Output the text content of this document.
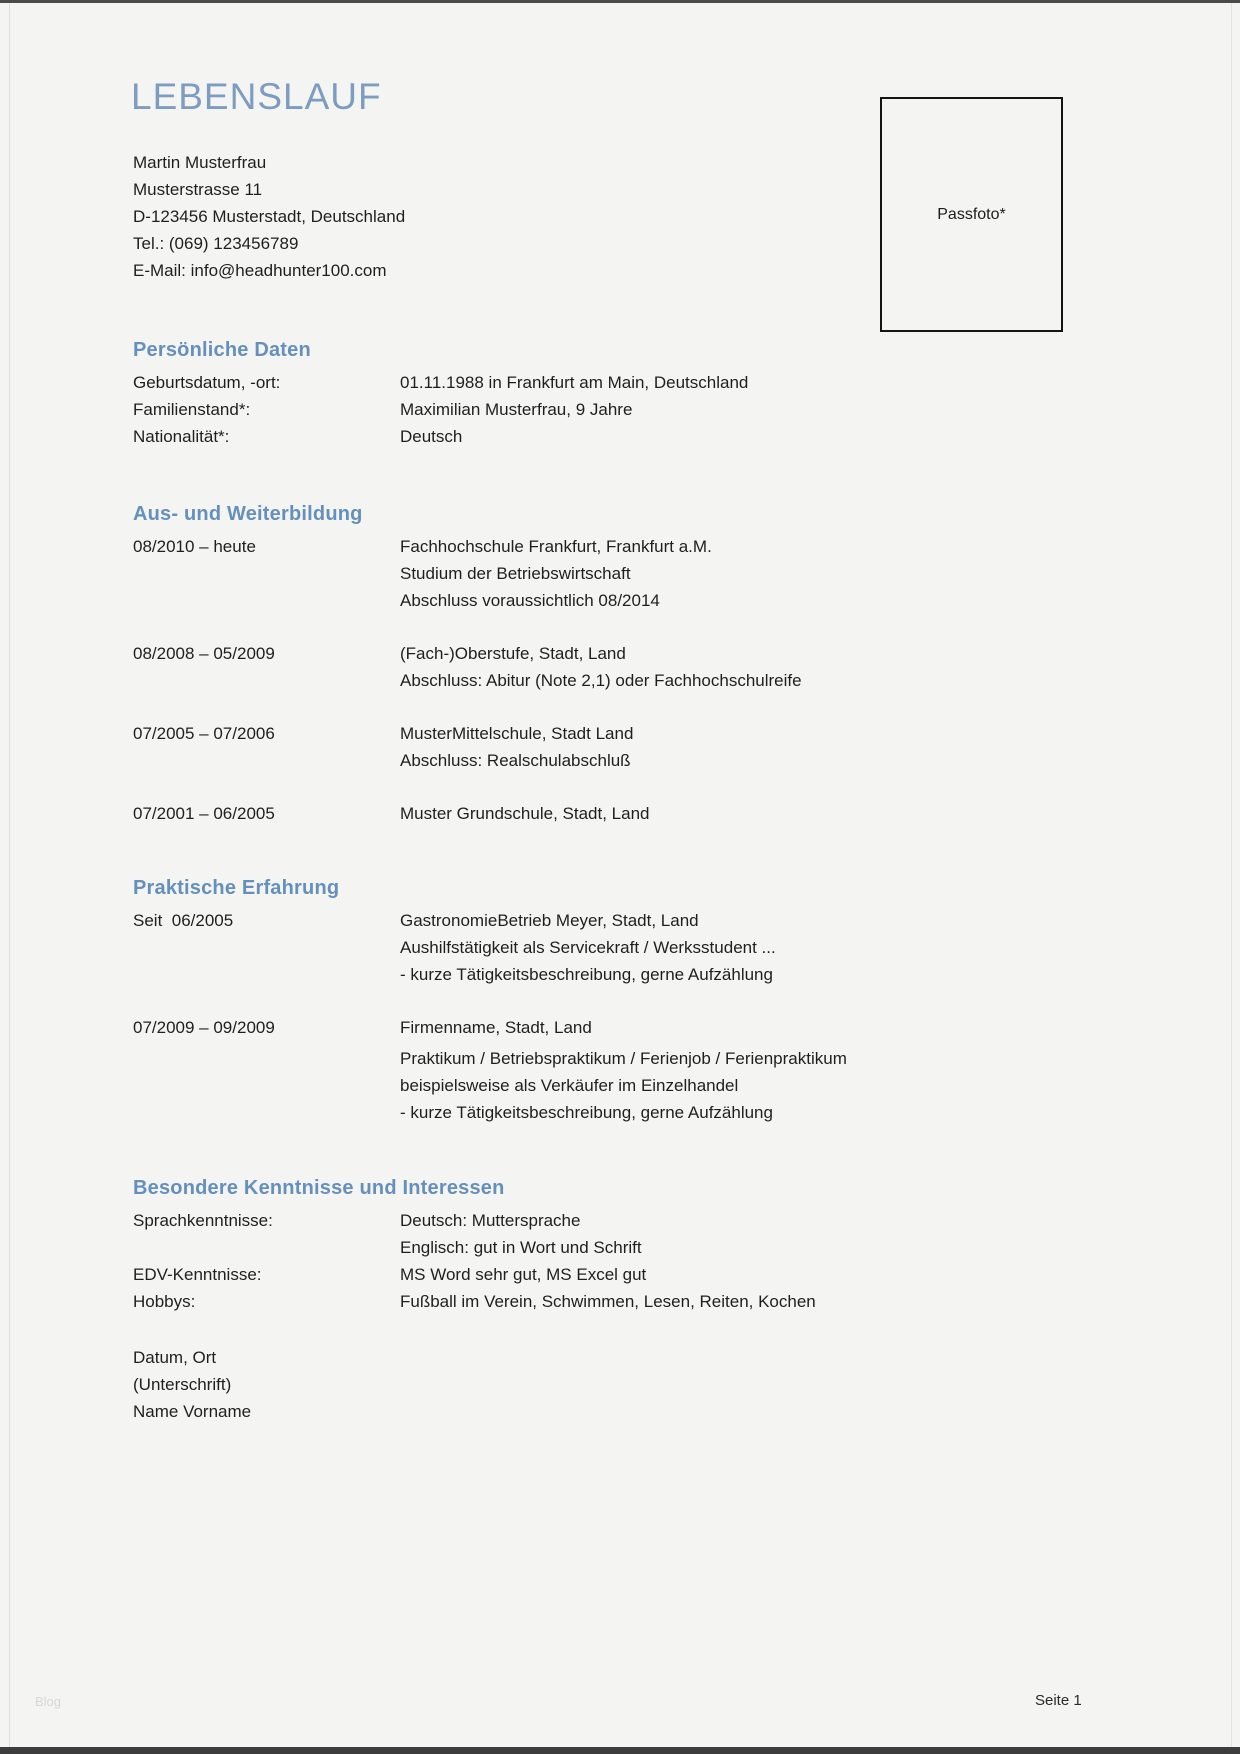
LEBENSLAUF
Martin Musterfrau
Musterstrasse 11
D-123456 Musterstadt, Deutschland
Tel.: (069) 123456789
E-Mail: info@headhunter100.com
Passfoto*
Persönliche Daten
Geburtsdatum, -ort:	01.11.1988 in Frankfurt am Main, Deutschland
Familienstand*:	Maximilian Musterfrau, 9 Jahre
Nationalität*:	Deutsch
Aus- und Weiterbildung
08/2010 – heute	Fachhochschule Frankfurt, Frankfurt a.M.
Studium der Betriebswirtschaft
Abschluss voraussichtlich 08/2014
08/2008 – 05/2009	(Fach-)Oberstufe, Stadt, Land
Abschluss: Abitur (Note 2,1) oder Fachhochschulreife
07/2005 – 07/2006	MusterMittelschule, Stadt Land
Abschluss: Realschulabschluß
07/2001 – 06/2005	Muster Grundschule, Stadt, Land
Praktische Erfahrung
Seit  06/2005	GastronomieBetrieb Meyer, Stadt, Land
Aushilfstätigkeit als Servicekraft / Werksstudent ...
- kurze Tätigkeitsbeschreibung, gerne Aufzählung
07/2009 – 09/2009	Firmenname, Stadt, Land
Praktikum / Betriebspraktikum / Ferienjob / Ferienpraktikum
beispielsweise als Verkäufer im Einzelhandel
- kurze Tätigkeitsbeschreibung, gerne Aufzählung
Besondere Kenntnisse und Interessen
Sprachkenntnisse:	Deutsch: Muttersprache
Englisch: gut in Wort und Schrift
EDV-Kenntnisse:	MS Word sehr gut, MS Excel gut
Hobbys:	Fußball im Verein, Schwimmen, Lesen, Reiten, Kochen
Datum, Ort
(Unterschrift)
Name Vorname
Blog	Seite 1
